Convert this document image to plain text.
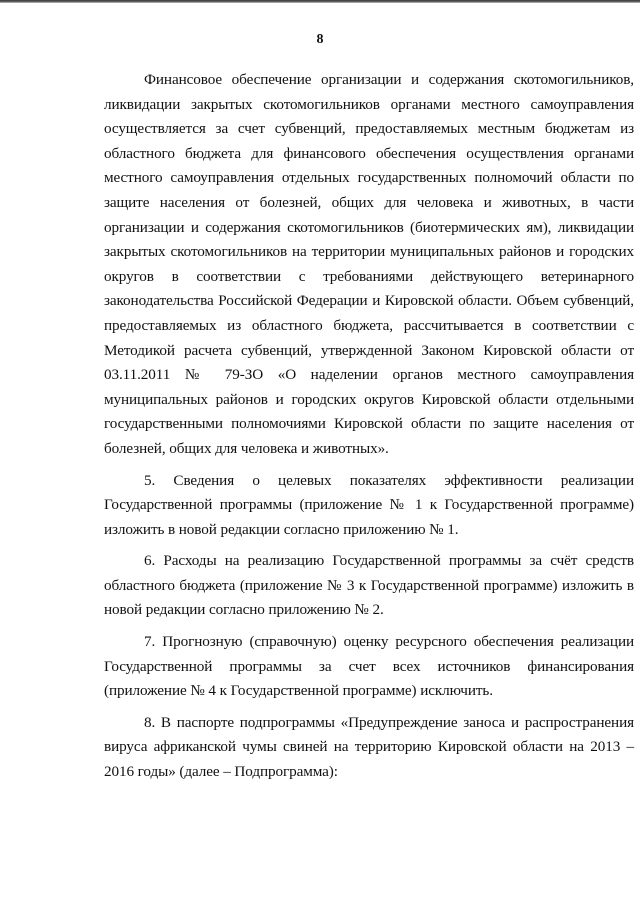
8

Финансовое обеспечение организации и содержания скотомогильников, ликвидации закрытых скотомогильников органами местного самоуправления осуществляется за счет субвенций, предоставляемых местным бюджетам из областного бюджета для финансового обеспечения осуществления органами местного самоуправления отдельных государственных полномочий области по защите населения от болезней, общих для человека и животных, в части организации и содержания скотомогильников (биотермических ям), ликвидации закрытых скотомогильников на территории муниципальных районов и городских округов в соответствии с требованиями действующего ветеринарного законодательства Российской Федерации и Кировской области. Объем субвенций, предоставляемых из областного бюджета, рассчитывается в соответствии с Методикой расчета субвенций, утвержденной Законом Кировской области от 03.11.2011 № 79-ЗО «О наделении органов местного самоуправления муниципальных районов и городских округов Кировской области отдельными государственными полномочиями Кировской области по защите населения от болезней, общих для человека и животных».

5. Сведения о целевых показателях эффективности реализации Государственной программы (приложение № 1 к Государственной программе) изложить в новой редакции согласно приложению № 1.

6. Расходы на реализацию Государственной программы за счёт средств областного бюджета (приложение № 3 к Государственной программе) изложить в новой редакции согласно приложению № 2.

7. Прогнозную (справочную) оценку ресурсного обеспечения реализации Государственной программы за счет всех источников финансирования (приложение № 4 к Государственной программе) исключить.

8. В паспорте подпрограммы «Предупреждение заноса и распространения вируса африканской чумы свиней на территорию Кировской области на 2013 – 2016 годы» (далее – Подпрограмма):
